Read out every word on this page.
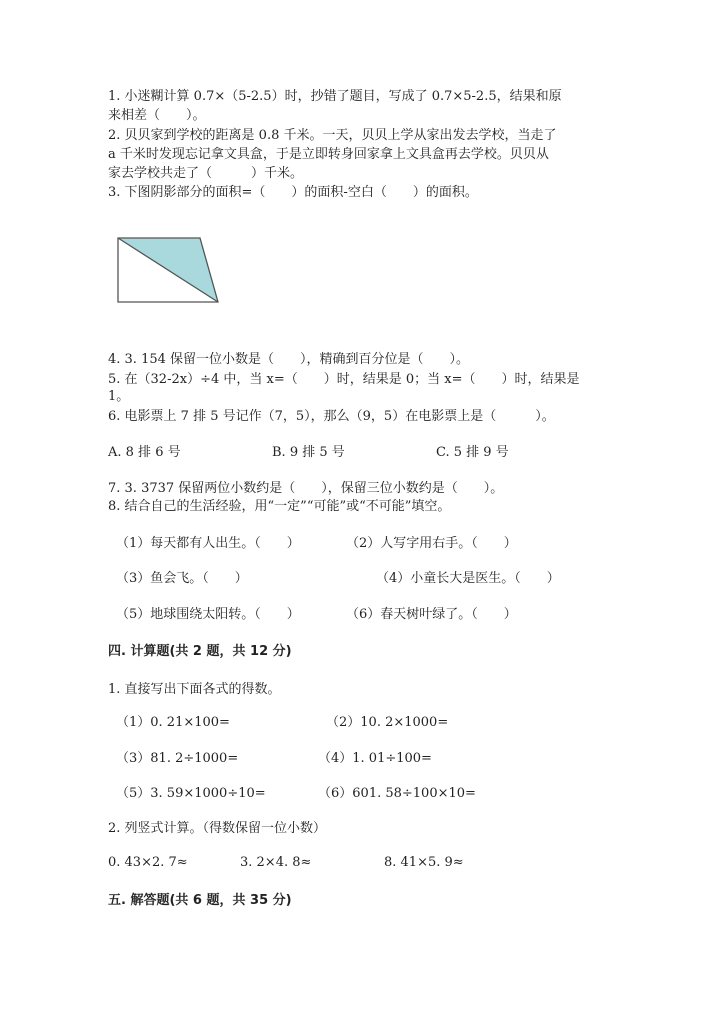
1. 小迷糊计算 0.7×（5-2.5）时，抄错了题目，写成了 0.7×5-2.5，结果和原
来相差（　　）。
2. 贝贝家到学校的距离是 0.8 千米。一天，贝贝上学从家出发去学校，当走了
a 千米时发现忘记拿文具盒，于是立即转身回家拿上文具盒再去学校。贝贝从
家去学校共走了（　　　）千米。
3. 下图阴影部分的面积=（　　）的面积-空白（　　）的面积。
4. 3. 154 保留一位小数是（　　），精确到百分位是（　　）。
5. 在（32-2x）÷4 中，当 x=（　　）时，结果是 0；当 x=（　　）时，结果是
1。
6. 电影票上 7 排 5 号记作（7，5），那么（9，5）在电影票上是（　　　）。
A. 8 排 6 号	B. 9 排 5 号	C. 5 排 9 号
7. 3. 3737 保留两位小数约是（　　），保留三位小数约是（　　）。
8. 结合自己的生活经验，用“一定”“可能”或“不可能”填空。
（1）每天都有人出生。（　　）	（2）人写字用右手。（　　）
（3）鱼会飞。（　　）	（4）小童长大是医生。（　　）
（5）地球围绕太阳转。（　　）	（6）春天树叶绿了。（　　）
四. 计算题(共 2 题，共 12 分)
1. 直接写出下面各式的得数。
（1）0. 21×100=	（2）10. 2×1000=
（3）81. 2÷1000=	（4）1. 01÷100=
（5）3. 59×1000÷10=	（6）601. 58÷100×10=
2. 列竖式计算。（得数保留一位小数）
0. 43×2. 7≈	3. 2×4. 8≈	8. 41×5. 9≈
五. 解答题(共 6 题，共 35 分)
